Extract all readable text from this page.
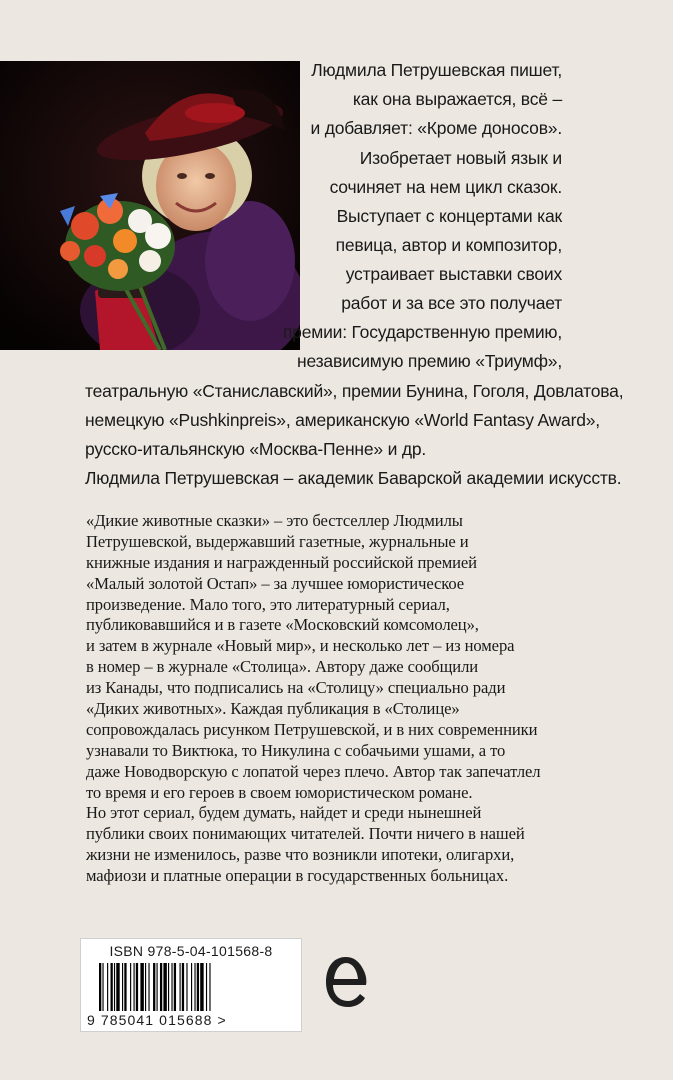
Людмила Петрушевская пишет,
как она выражается, всё –
и добавляет: «Кроме доносов».
Изобретает новый язык и
сочиняет на нем цикл сказок.
Выступает с концертами как
певица, автор и композитор,
устраивает выставки своих
работ и за все это получает
премии: Государственную премию,
независимую премию «Триумф»,
театральную «Станиславский», премии Бунина, Гоголя, Довлатова,
немецкую «Pushkinpreis», американскую «World Fantasy Award»,
русско-итальянскую «Москва-Пенне» и др.
Людмила Петрушевская – академик Баварской академии искусств.
«Дикие животные сказки» – это бестселлер Людмилы
Петрушевской, выдержавший газетные, журнальные и
книжные издания и награжденный российской премией
«Малый золотой Остап» – за лучшее юмористическое
произведение. Мало того, это литературный сериал,
публиковавшийся и в газете «Московский комсомолец»,
и затем в журнале «Новый мир», и несколько лет – из номера
в номер – в журнале «Столица». Автору даже сообщили
из Канады, что подписались на «Столицу» специально ради
«Диких животных». Каждая публикация в «Столице»
сопровождалась рисунком Петрушевской, и в них современники
узнавали то Виктюка, то Никулина с собачьими ушами, а то
даже Новодворскую с лопатой через плечо. Автор так запечатлел
то время и его героев в своем юмористическом романе.
Но этот сериал, будем думать, найдет и среди нынешней
публики своих понимающих читателей. Почти ничего в нашей
жизни не изменилось, разве что возникли ипотеки, олигархи,
мафиози и платные операции в государственных больницах.
ISBN 978-5-04-101568-8
9 785041 015688 >
